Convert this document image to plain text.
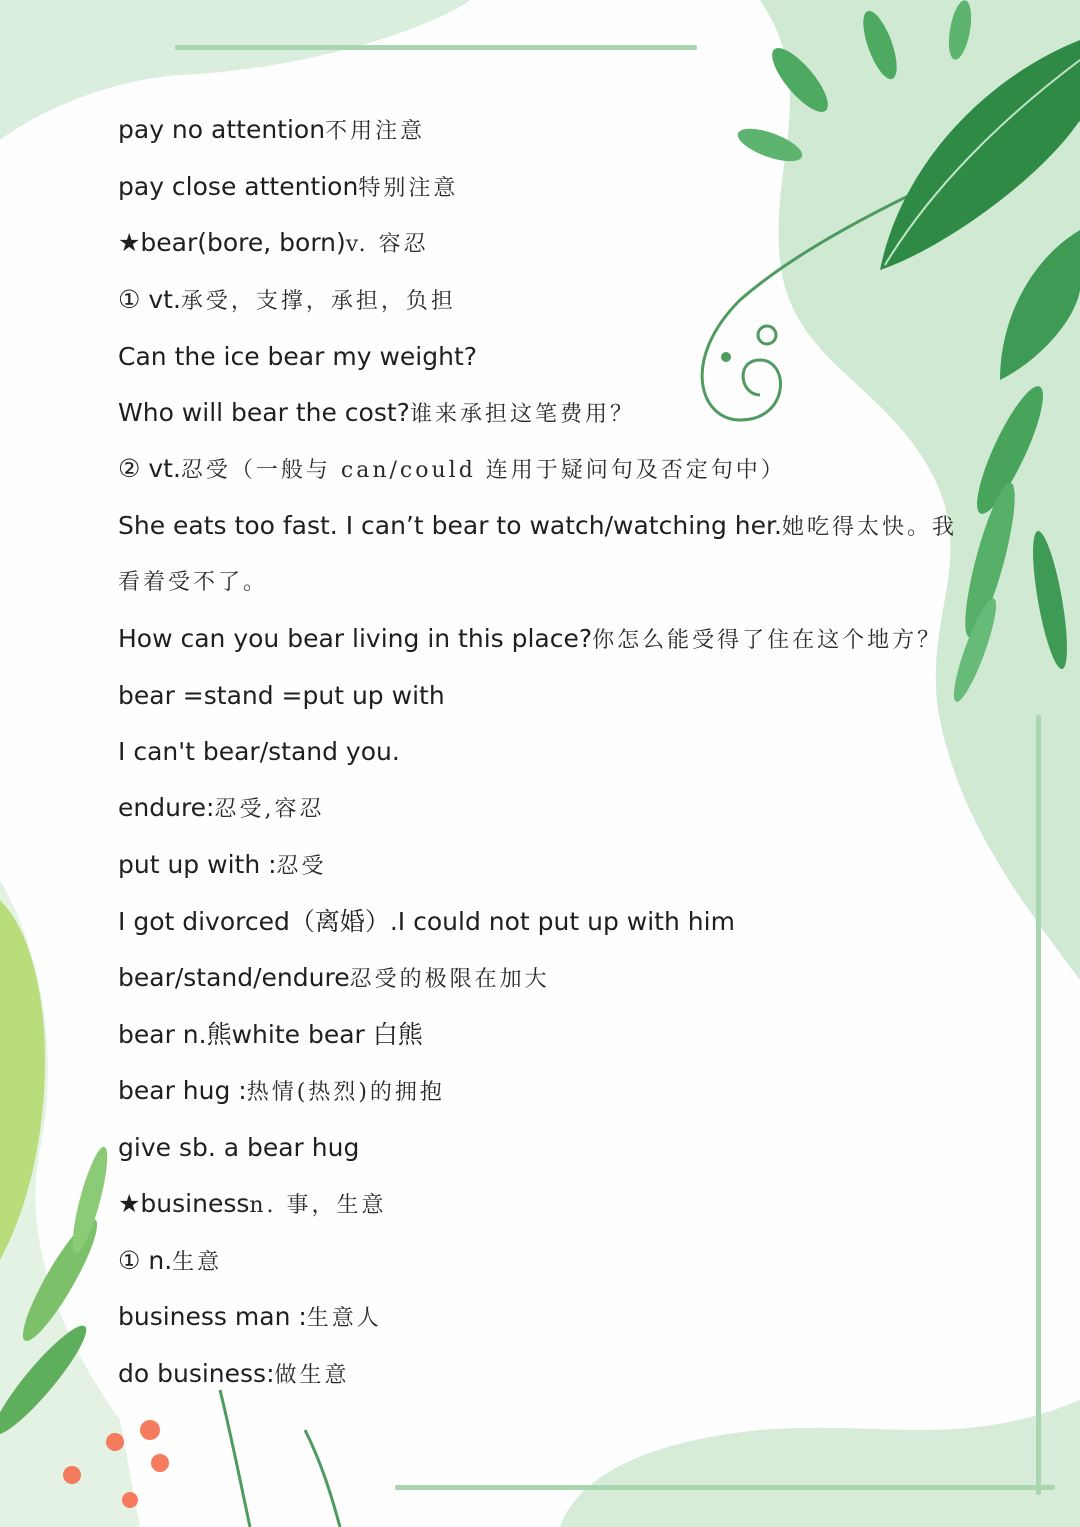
pay no attention不用注意
pay close attention特别注意
★bear(bore, born)v. 容忍
① vt.承受，支撑，承担，负担
Can the ice bear my weight?
Who will bear the cost?谁来承担这笔费用？
② vt.忍受（一般与 can/could 连用于疑问句及否定句中）
She eats too fast. I can’t bear to watch/watching her.她吃得太快。我
看着受不了。
How can you bear living in this place?你怎么能受得了住在这个地方？
bear =stand =put up with
I can't bear/stand you.
endure:忍受,容忍
put up with :忍受
I got divorced（离婚）.I could not put up with him
bear/stand/endure忍受的极限在加大
bear n.熊white bear 白熊
bear hug :热情(热烈)的拥抱
give sb. a bear hug
★businessn. 事，生意
① n.生意
business man :生意人
do business:做生意
